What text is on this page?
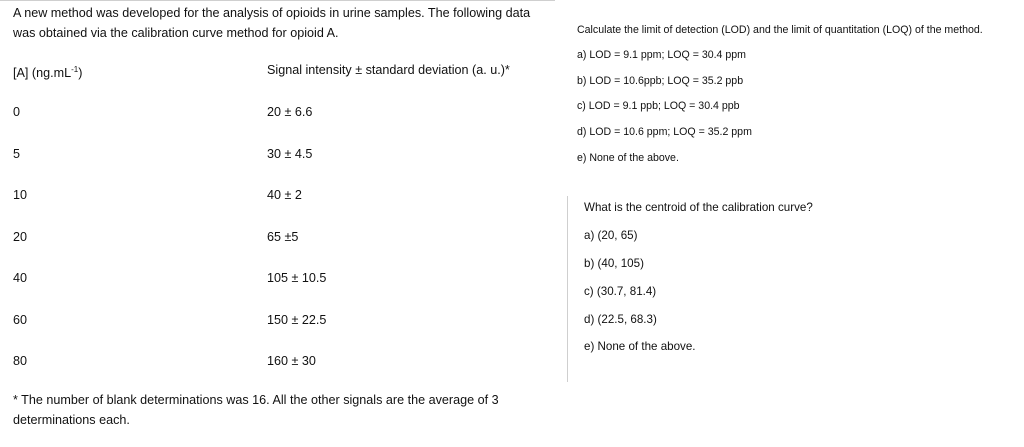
A new method was developed for the analysis of opioids in urine samples. The following data

was obtained via the calibration curve method for opioid A.

[A] $(ng.mL^{-1})$	Signal intensity ± standard deviation (a. u.)*
0	20 ± 6.6
5	30 ± 4.5
10	40 ± 2
20	65 ±5
40	105 ± 10.5
60	150 ± 22.5
80	160 ± 30
* The number of blank determinations was 16. All the other signals are the average of 3
determinations each.
Calculate the limit of detection (LOD) and the limit of quantitation (LOQ) of the method.
a) LOD = 9.1 ppm; LOQ = 30.4 ppm
b) LOD = 10.6ppb; LOQ = 35.2 ppb
c) LOD = 9.1 ppb; LOQ = 30.4 ppb
d) LOD = 10.6 ppm; LOQ = 35.2 ppm
e) None of the above.
What is the centroid of the calibration curve?
a) (20, 65)
b) (40, 105)
c) (30.7, 81.4)
d) (22.5, 68.3)
e) None of the above.
